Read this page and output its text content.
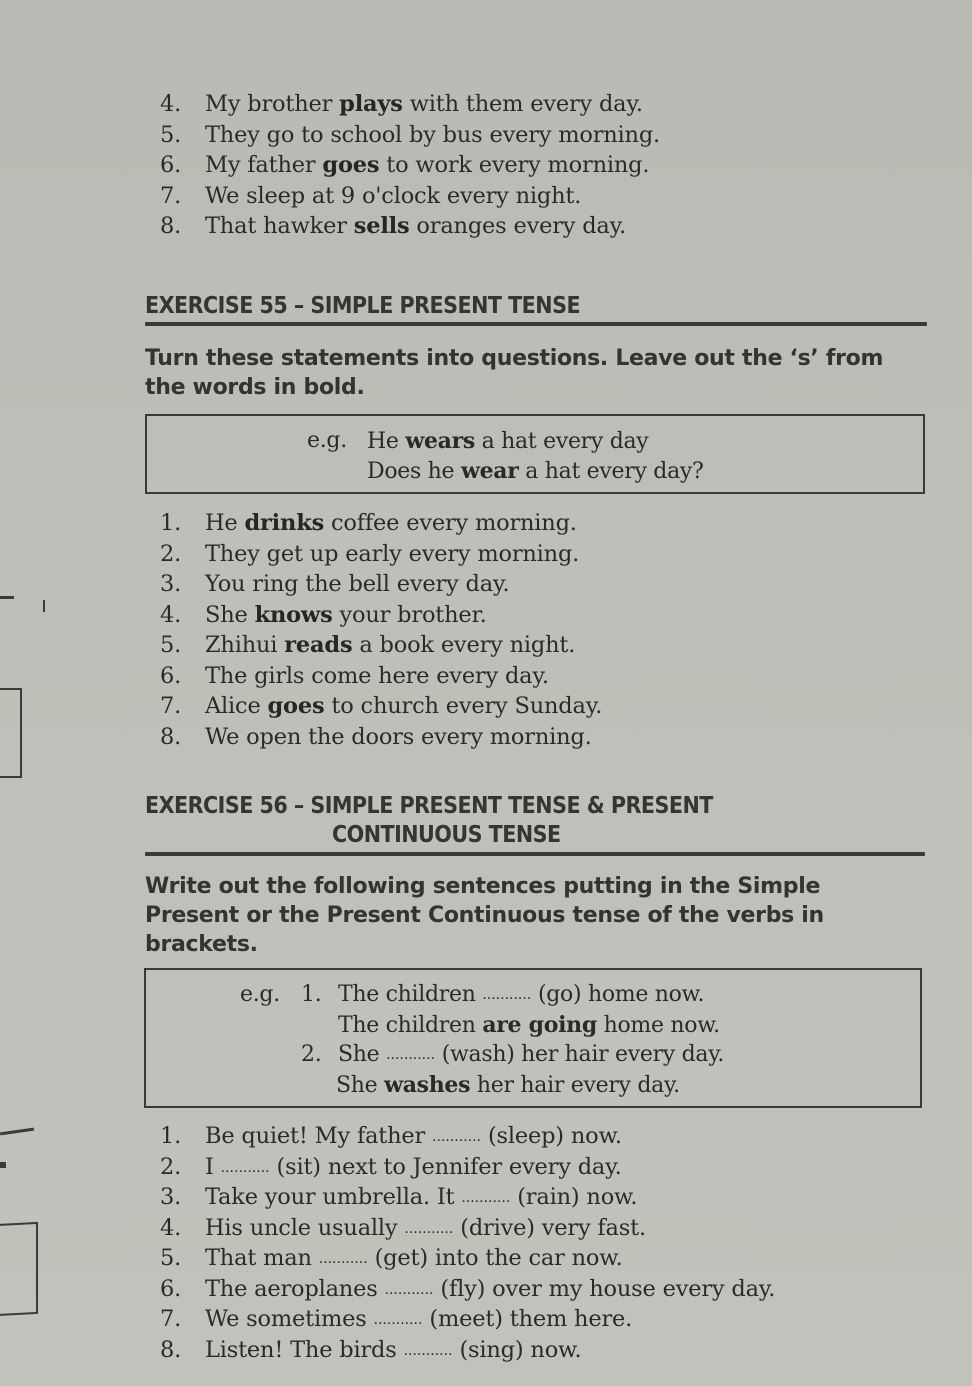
4.	My brother plays with them every day.
5.	They go to school by bus every morning.
6.	My father goes to work every morning.
7.	We sleep at 9 o'clock every night.
8.	That hawker sells oranges every day.
EXERCISE 55 – SIMPLE PRESENT TENSE
Turn these statements into questions. Leave out the ‘s’ from
the words in bold.
e.g. He wears a hat every day
Does he wear a hat every day?
1.	He drinks coffee every morning.
2.	They get up early every morning.
3.	You ring the bell every day.
4.	She knows your brother.
5.	Zhihui reads a book every night.
6.	The girls come here every day.
7.	Alice goes to church every Sunday.
8.	We open the doors every morning.
EXERCISE 56 – SIMPLE PRESENT TENSE & PRESENT
CONTINUOUS TENSE
Write out the following sentences putting in the Simple
Present or the Present Continuous tense of the verbs in
brackets.
e.g. 1. The children ........... (go) home now.
The children are going home now.
2. She ........... (wash) her hair every day.
She washes her hair every day.
1.	Be quiet! My father ........... (sleep) now.
2.	I ........... (sit) next to Jennifer every day.
3.	Take your umbrella. It ........... (rain) now.
4.	His uncle usually ........... (drive) very fast.
5.	That man ........... (get) into the car now.
6.	The aeroplanes ........... (fly) over my house every day.
7.	We sometimes ........... (meet) them here.
8.	Listen! The birds ........... (sing) now.
